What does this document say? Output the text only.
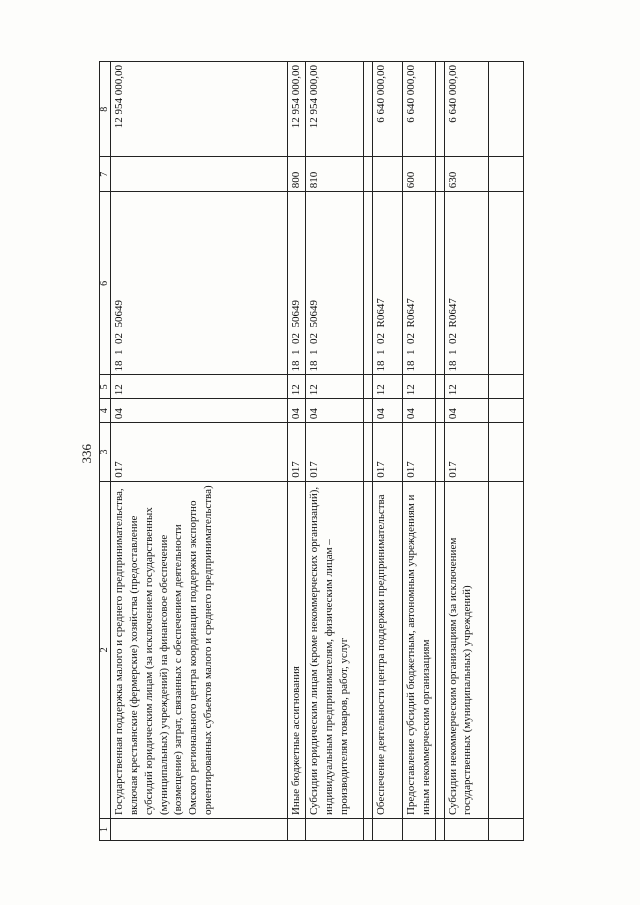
336
1	2	3	4	5	6	7	8
	Государственная поддержка малого и среднего предпринимательства, включая крестьянские (фермерские) хозяйства (предоставление субсидий юридическим лицам (за исключением государственных (муниципальных) учреждений) на финансовое обеспечение (возмещение) затрат, связанных с обеспечением деятельности Омского регионального центра координации поддержки экспортно ориентированных субъектов малого и среднего предпринимательства)	017	04	12	18  1  02  50649		12 954 000,00
	Иные бюджетные ассигнования	017	04	12	18  1  02  50649	800	12 954 000,00
	Субсидии юридическим лицам (кроме некоммерческих организаций), индивидуальным предпринимателям, физическим лицам – производителям товаров, работ, услуг	017	04	12	18  1  02  50649	810	12 954 000,00

	Обеспечение деятельности центра поддержки предпринимательства	017	04	12	18  1  02  R0647		6 640 000,00
	Предоставление субсидий бюджетным, автономным учреждениям и иным некоммерческим организациям	017	04	12	18  1  02  R0647	600	6 640 000,00

	Субсидии некоммерческим организациям (за исключением государственных (муниципальных) учреждений)	017	04	12	18  1  02  R0647	630	6 640 000,00
